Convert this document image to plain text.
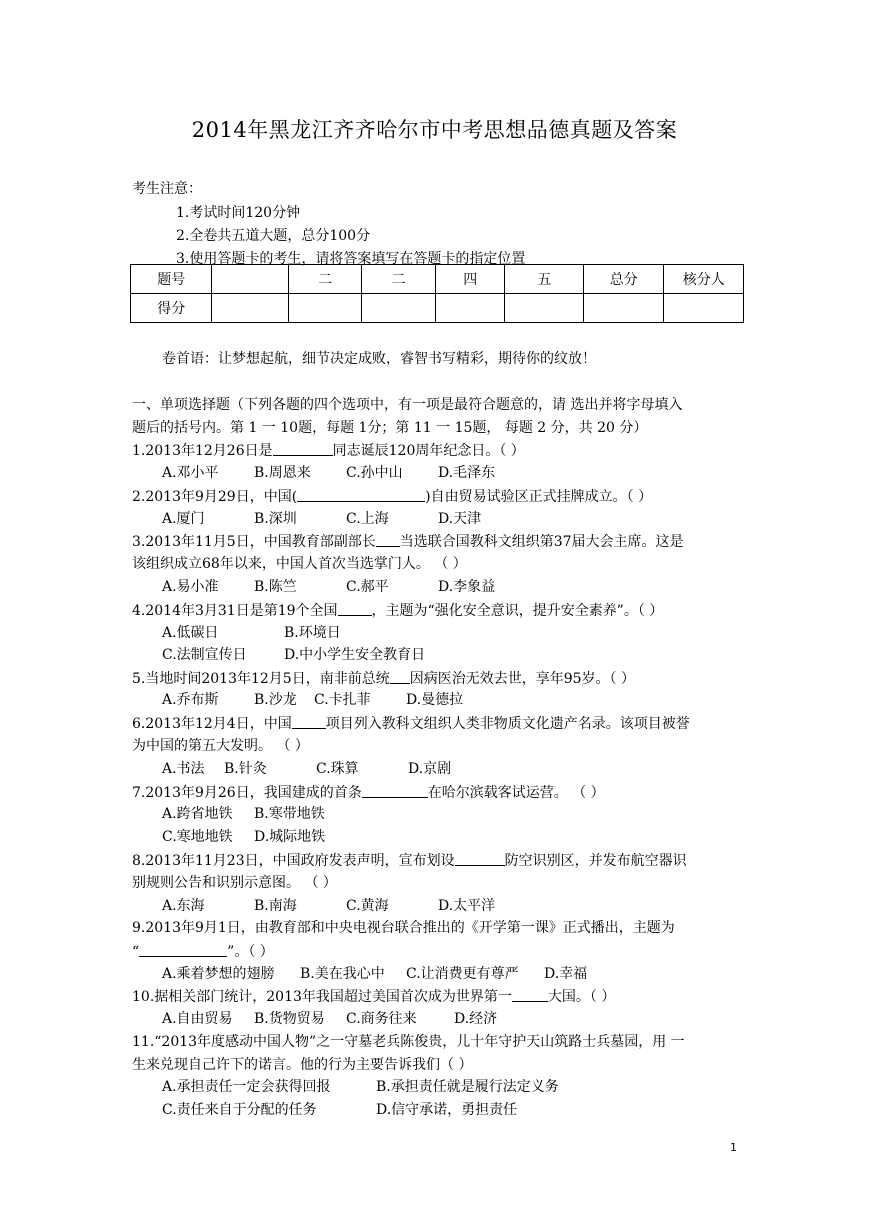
2014年黑龙江齐齐哈尔市中考思想品德真题及答案
考生注意：
1.考试时间120分钟
2.全卷共五道大题，总分100分
3.使用答题卡的考生，请将答案填写在答题卡的指定位置
题号		二	二	四	五	总分	核分人
得分							
卷首语：让梦想起航，细节决定成败，睿智书写精彩，期待你的纹放！
一、单项选择题（下列各题的四个选项中，有一项是最符合题意的，请 选出并将字母填入
题后的括号内。第 1 一 10题，每题 1分；第 11 一 15题， 每题 2 分，共 20 分）
1.2013年12月26日是	同志诞辰120周年纪念日。（ ）
A.邓小平	B.周恩来	C.孙中山	D.毛泽东
2.2013年9月29日，中国(	)自由贸易试验区正式挂牌成立。（ ）
A.厦门	B.深圳	C.上海	D.天津
3.2013年11月5日，中国教育部副部长 当选联合国教科文组织第37届大会主席。这是
该组织成立68年以来，中国人首次当选掌门人。 （ ）
A.易小准	B.陈竺	C.郝平	D.李象益
4.2014年3月31日是第19个全国 ，主题为“强化安全意识，提升安全素养”。（ ）
A.低碳日	B.环境日
C.法制宣传日	D.中小学生安全教育日
5.当地时间2013年12月5日，南非前总统 因病医治无效去世，享年95岁。（ ）
A.乔布斯	B.沙龙 C.卡扎菲	D.曼德拉
6.2013年12月4日，中国 项目列入教科文组织人类非物质文化遗产名录。该项目被誉
为中国的第五大发明。 （ ）
A.书法 B.针灸	C.珠算	D.京剧
7.2013年9月26日，我国建成的首条	在哈尔滨载客试运营。 （ ）
A.跨省地铁 B.寒带地铁
C.寒地地铁 D.城际地铁
8.2013年11月23日，中国政府发表声明，宣布划设	防空识别区，并发布航空器识
别规则公告和识别示意图。 （ ）
A.东海	B.南海	C.黄海	D.太平洋
9.2013年9月1日，由教育部和中央电视台联合推出的《开学第一课》正式播出，主题为
“	”。（ ）
A.乘着梦想的翅膀 B.美在我心中 C.让消费更有尊严 D.幸福
10.据相关部门统计，2013年我国超过美国首次成为世界第一	大国。（ ）
A.自由贸易 B.货物贸易 C.商务往来	D.经济
11.“2013年度感动中国人物”之一守墓老兵陈俊贵，儿十年守护天山筑路士兵墓园，用 一
生来兑现自己许下的诺言。他的行为主要告诉我们（ ）
A.承担责任一定会获得回报	B.承担责任就是履行法定义务
C.责任来自于分配的任务	D.信守承诺，勇担责任
1
